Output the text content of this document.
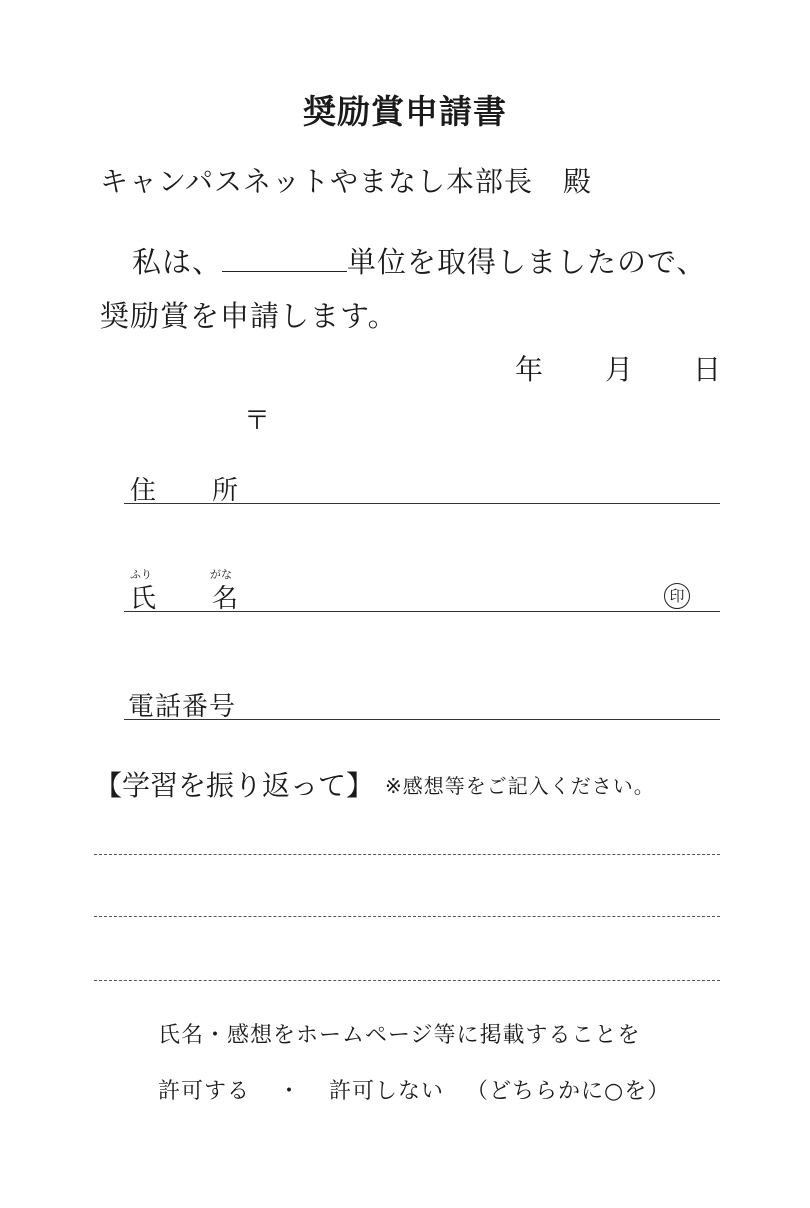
奨励賞申請書
キャンパスネットやまなし本部長 殿
私は、	単位を取得しましたので、
奨励賞を申請します。
年 月 日
〒
住 所
ふり	がな
氏 名	印
電話番号
【学習を振り返って】 ※感想等をご記入ください。
氏名・感想をホームページ等に掲載することを
許可する ・ 許可しない （どちらかに○を）
